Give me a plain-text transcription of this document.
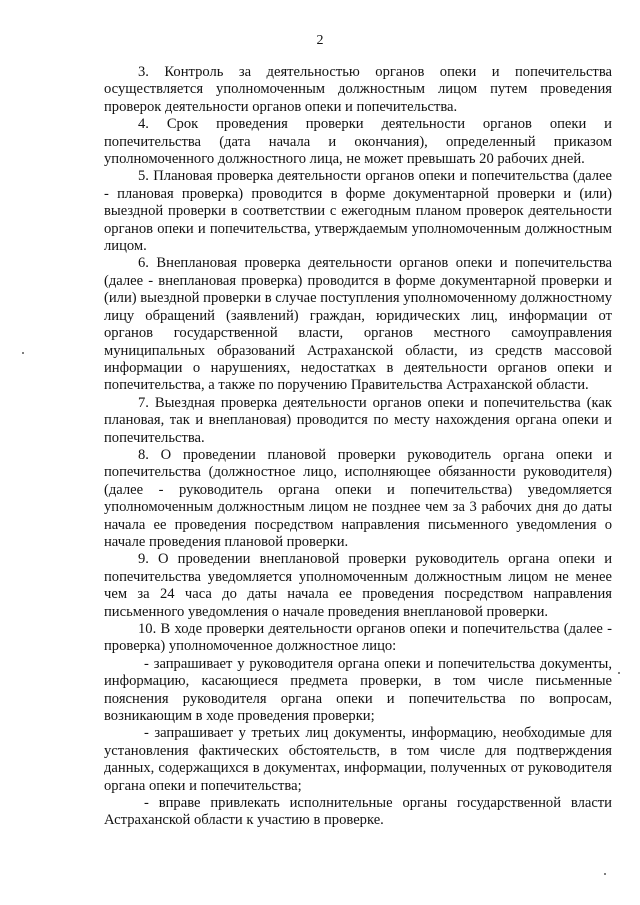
2

3. Контроль за деятельностью органов опеки и попечительства осуществляется уполномоченным должностным лицом путем проведения проверок деятельности органов опеки и попечительства.

4. Срок проведения проверки деятельности органов опеки и попечительства (дата начала и окончания), определенный приказом уполномоченного должностного лица, не может превышать 20 рабочих дней.

5. Плановая проверка деятельности органов опеки и попечительства (далее - плановая проверка) проводится в форме документарной проверки и (или) выездной проверки в соответствии с ежегодным планом проверок деятельности органов опеки и попечительства, утверждаемым уполномоченным должностным лицом.

6. Внеплановая проверка деятельности органов опеки и попечительства (далее - внеплановая проверка) проводится в форме документарной проверки и (или) выездной проверки в случае поступления уполномоченному должностному лицу обращений (заявлений) граждан, юридических лиц, информации от органов государственной власти, органов местного самоуправления муниципальных образований Астраханской области, из средств массовой информации о нарушениях, недостатках в деятельности органов опеки и попечительства, а также по поручению Правительства Астраханской области.

7. Выездная проверка деятельности органов опеки и попечительства (как плановая, так и внеплановая) проводится по месту нахождения органа опеки и попечительства.

8. О проведении плановой проверки руководитель органа опеки и попечительства (должностное лицо, исполняющее обязанности руководителя) (далее - руководитель органа опеки и попечительства) уведомляется уполномоченным должностным лицом не позднее чем за 3 рабочих дня до даты начала ее проведения посредством направления письменного уведомления о начале проведения плановой проверки.

9. О проведении внеплановой проверки руководитель органа опеки и попечительства уведомляется уполномоченным должностным лицом не менее чем за 24 часа до даты начала ее проведения посредством направления письменного уведомления о начале проведения внеплановой проверки.

10. В ходе проверки деятельности органов опеки и попечительства (далее - проверка) уполномоченное должностное лицо:

- запрашивает у руководителя органа опеки и попечительства документы, информацию, касающиеся предмета проверки, в том числе письменные пояснения руководителя органа опеки и попечительства по вопросам, возникающим в ходе проведения проверки;

- запрашивает у третьих лиц документы, информацию, необходимые для установления фактических обстоятельств, в том числе для подтверждения данных, содержащихся в документах, информации, полученных от руководителя органа опеки и попечительства;

- вправе привлекать исполнительные органы государственной власти Астраханской области к участию в проверке.
